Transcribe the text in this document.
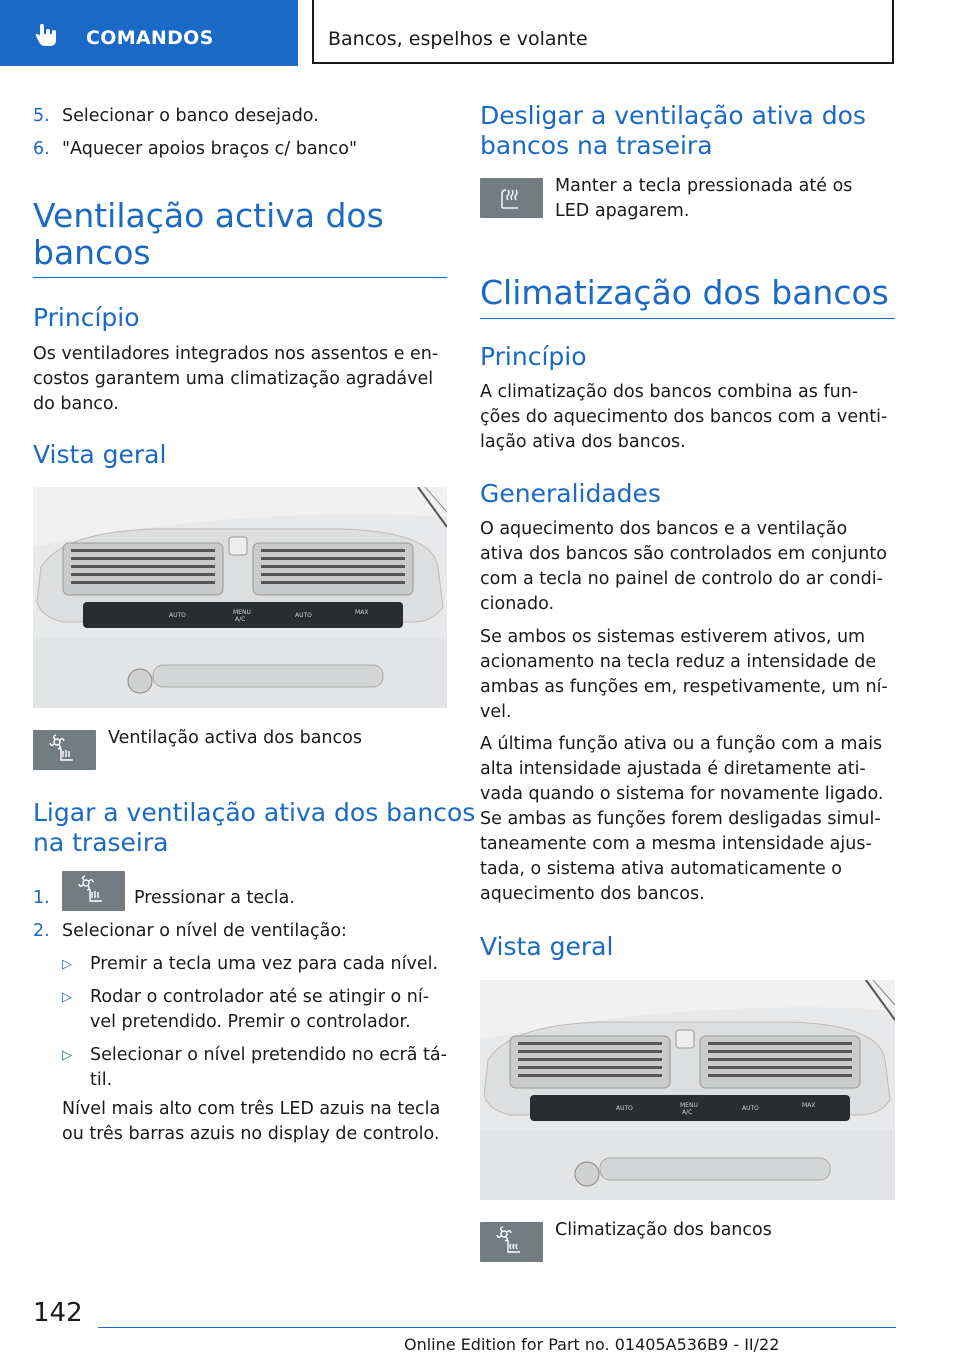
COMANDOS	Bancos, espelhos e volante
5. Selecionar o banco desejado.
6. "Aquecer apoios braços c/ banco"
Ventilação activa dos
bancos
Princípio
Os ventiladores integrados nos assentos e en-
costos garantem uma climatização agradável
do banco.
Vista geral
AUTO	MENU
A/C
AUTO	MAX
Ventilação activa dos bancos
Ligar a ventilação ativa dos bancos
na traseira
1.	Pressionar a tecla.
2. Selecionar o nível de ventilação:
▷ Premir a tecla uma vez para cada nível.
▷ Rodar o controlador até se atingir o ní-
vel pretendido. Premir o controlador.
▷ Selecionar o nível pretendido no ecrã tá-
til.
Nível mais alto com três LED azuis na tecla
ou três barras azuis no display de controlo.
Desligar a ventilação ativa dos
bancos na traseira
Manter a tecla pressionada até os
LED apagarem.
Climatização dos bancos
Princípio
A climatização dos bancos combina as fun-
ções do aquecimento dos bancos com a venti-
lação ativa dos bancos.
Generalidades
O aquecimento dos bancos e a ventilação
ativa dos bancos são controlados em conjunto
com a tecla no painel de controlo do ar condi-
cionado.
Se ambos os sistemas estiverem ativos, um
acionamento na tecla reduz a intensidade de
ambas as funções em, respetivamente, um ní-
vel.
A última função ativa ou a função com a mais
alta intensidade ajustada é diretamente ati-
vada quando o sistema for novamente ligado.
Se ambas as funções forem desligadas simul-
taneamente com a mesma intensidade ajus-
tada, o sistema ativa automaticamente o
aquecimento dos bancos.
Vista geral
AUTO	MENU
A/C
AUTO	MAX
Climatização dos bancos
142
Online Edition for Part no. 01405A536B9 - II/22
